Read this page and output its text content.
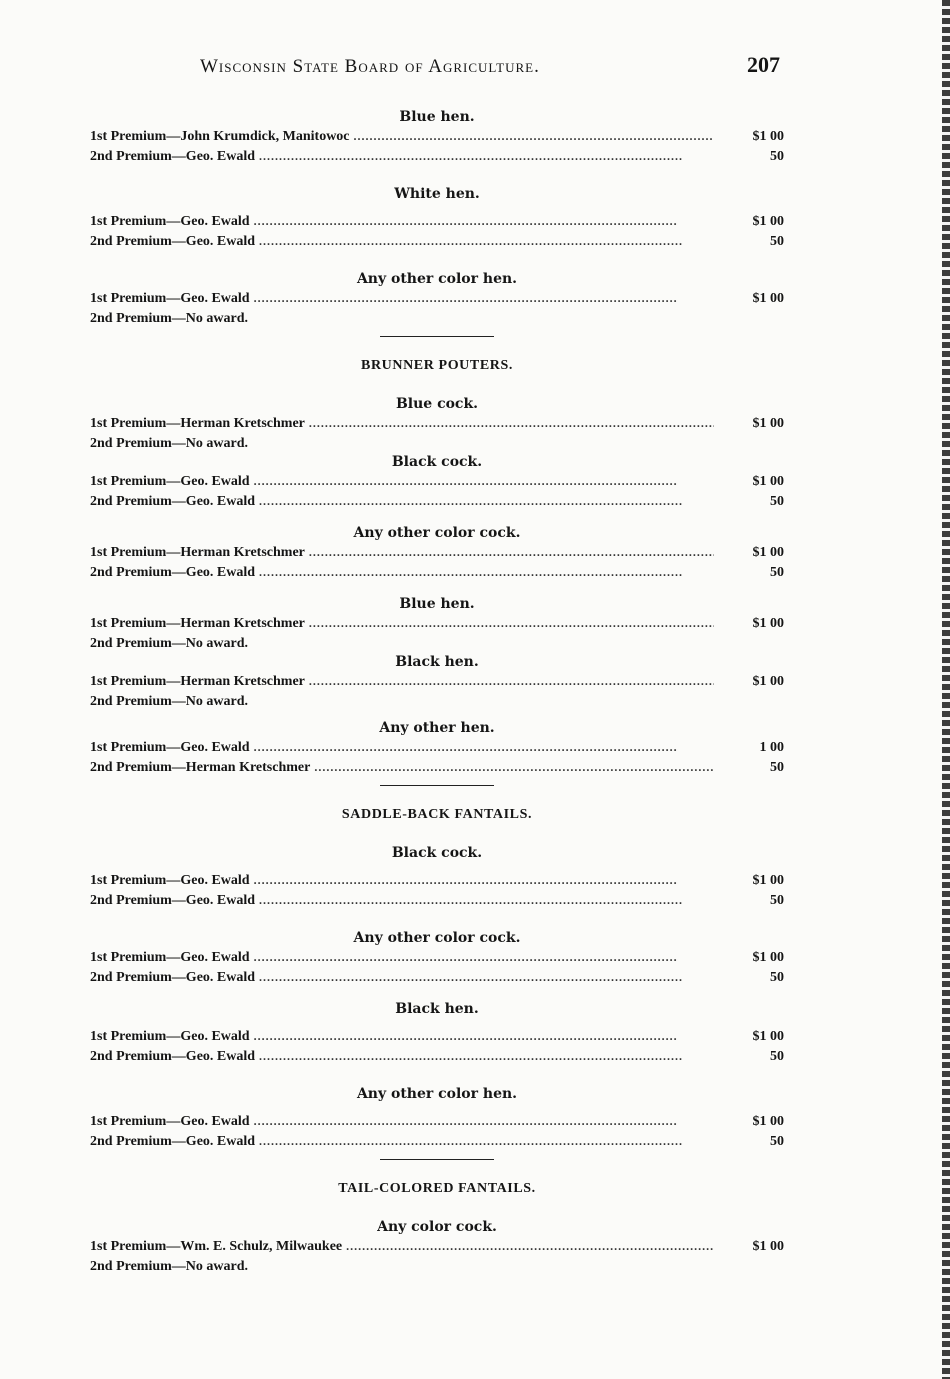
Wisconsin State Board of Agriculture.	207
Blue hen.
1st Premium—John Krumdick, Manitowoc . . .	$1 00
2nd Premium—Geo. Ewald . . .	50
White hen.
1st Premium—Geo. Ewald . . .	$1 00
2nd Premium—Geo. Ewald . . .	50
Any other color hen.
1st Premium—Geo. Ewald . . .	$1 00
2nd Premium—No award.
BRUNNER POUTERS.
Blue cock.
1st Premium—Herman Kretschmer . . .	$1 00
2nd Premium—No award.
Black cock.
1st Premium—Geo. Ewald . . .	$1 00
2nd Premium—Geo. Ewald . . .	50
Any other color cock.
1st Premium—Herman Kretschmer . . .	$1 00
2nd Premium—Geo. Ewald . . .	50
Blue hen.
1st Premium—Herman Kretschmer . . .	$1 00
2nd Premium—No award.
Black hen.
1st Premium—Herman Kretschmer . . .	$1 00
2nd Premium—No award.
Any other hen.
1st Premium—Geo. Ewald . . .	1 00
2nd Premium—Herman Kretschmer . . .	50
SADDLE-BACK FANTAILS.
Black cock.
1st Premium—Geo. Ewald . . .	$1 00
2nd Premium—Geo. Ewald . . .	50
Any other color cock.
1st Premium—Geo. Ewald . . .	$1 00
2nd Premium—Geo. Ewald . . .	50
Black hen.
1st Premium—Geo. Ewald . . .	$1 00
2nd Premium—Geo. Ewald . . .	50
Any other color hen.
1st Premium—Geo. Ewald . . .	$1 00
2nd Premium—Geo. Ewald . . .	50
TAIL-COLORED FANTAILS.
Any color cock.
1st Premium—Wm. E. Schulz, Milwaukee . . .	$1 00
2nd Premium—No award.
